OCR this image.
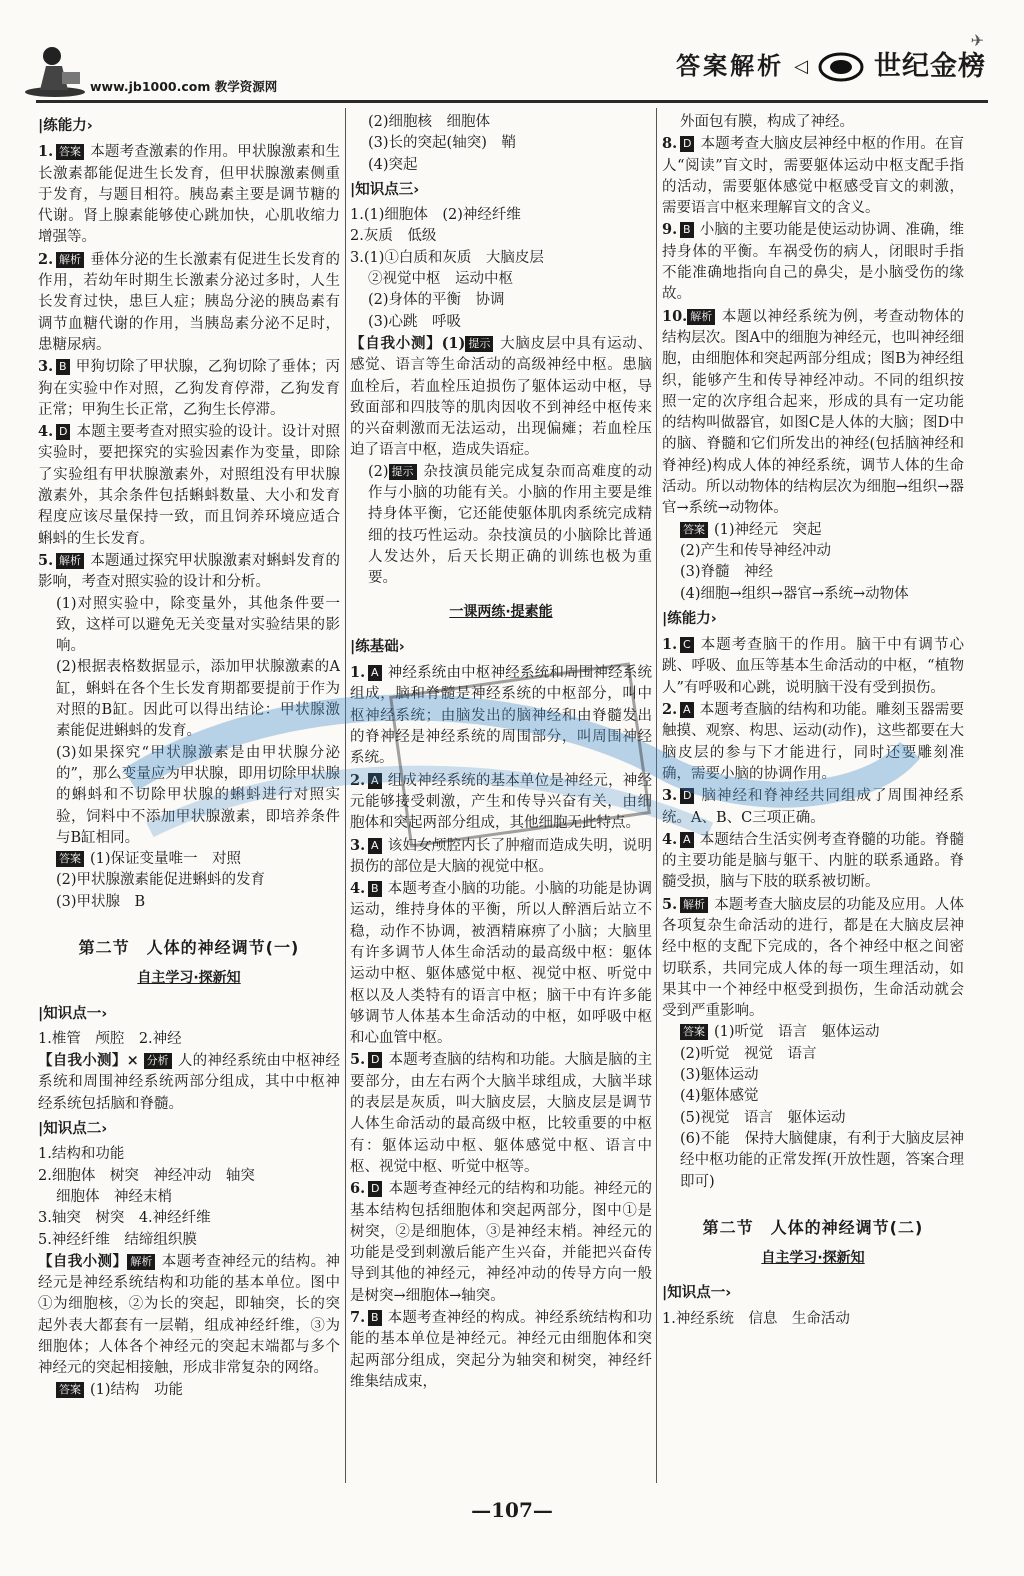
www.jb1000.com 教学资源网
✈
答案解析 ◁ 世纪金榜
|练能力›
1. 答案 本题考查激素的作用。甲状腺激素和生长激素都能促进生长发育，但甲状腺激素侧重于发育，与题目相符。胰岛素主要是调节糖的代谢。肾上腺素能够使心跳加快，心肌收缩力增强等。
2. 解析 垂体分泌的生长激素有促进生长发育的作用，若幼年时期生长激素分泌过多时，人生长发育过快，患巨人症；胰岛分泌的胰岛素有调节血糖代谢的作用，当胰岛素分泌不足时，患糖尿病。
3. B 甲狗切除了甲状腺，乙狗切除了垂体；丙狗在实验中作对照，乙狗发育停滞，乙狗发育正常；甲狗生长正常，乙狗生长停滞。
4. D 本题主要考查对照实验的设计。设计对照实验时，要把探究的实验因素作为变量，即除了实验组有甲状腺激素外，对照组没有甲状腺激素外，其余条件包括蝌蚪数量、大小和发育程度应该尽量保持一致，而且饲养环境应适合蝌蚪的生长发育。
5. 解析 本题通过探究甲状腺激素对蝌蚪发育的影响，考查对照实验的设计和分析。
(1)对照实验中，除变量外，其他条件要一致，这样可以避免无关变量对实验结果的影响。
(2)根据表格数据显示，添加甲状腺激素的A缸，蝌蚪在各个生长发育期都要提前于作为对照的B缸。因此可以得出结论：甲状腺激素能促进蝌蚪的发育。
(3)如果探究“甲状腺激素是由甲状腺分泌的”，那么变量应为甲状腺，即用切除甲状腺的蝌蚪和不切除甲状腺的蝌蚪进行对照实验，饲料中不添加甲状腺激素，即培养条件与B缸相同。
答案 (1)保证变量唯一　对照
(2)甲状腺激素能促进蝌蚪的发育
(3)甲状腺　B
第二节　人体的神经调节(一)
自主学习·探新知
|知识点一›
1.椎管　颅腔　2.神经
【自我小测】× 分析 人的神经系统由中枢神经系统和周围神经系统两部分组成，其中中枢神经系统包括脑和脊髓。
|知识点二›
1.结构和功能
2.细胞体　树突　神经冲动　轴突
细胞体　神经末梢
3.轴突　树突　4.神经纤维
5.神经纤维　结缔组织膜
【自我小测】 解析 本题考查神经元的结构。神经元是神经系统结构和功能的基本单位。图中①为细胞核，②为长的突起，即轴突，长的突起外表大都套有一层鞘，组成神经纤维，③为细胞体；人体各个神经元的突起末端都与多个神经元的突起相接触，形成非常复杂的网络。
答案 (1)结构　功能
(2)细胞核　细胞体
(3)长的突起(轴突)　鞘
(4)突起
|知识点三›
1.(1)细胞体　(2)神经纤维
2.灰质　低级
3.(1)①白质和灰质　大脑皮层
②视觉中枢　运动中枢
(2)身体的平衡　协调
(3)心跳　呼吸
【自我小测】(1) 提示 大脑皮层中具有运动、感觉、语言等生命活动的高级神经中枢。患脑血栓后，若血栓压迫损伤了躯体运动中枢，导致面部和四肢等的肌肉因收不到神经中枢传来的兴奋刺激而无法运动，出现偏瘫；若血栓压迫了语言中枢，造成失语症。
(2) 提示 杂技演员能完成复杂而高难度的动作与小脑的功能有关。小脑的作用主要是维持身体平衡，它还能使躯体肌肉系统完成精细的技巧性运动。杂技演员的小脑除比普通人发达外，后天长期正确的训练也极为重要。
一课两练·提素能
|练基础›
1. A 神经系统由中枢神经系统和周围神经系统组成，脑和脊髓是神经系统的中枢部分，叫中枢神经系统；由脑发出的脑神经和由脊髓发出的脊神经是神经系统的周围部分，叫周围神经系统。
2. A 组成神经系统的基本单位是神经元，神经元能够接受刺激，产生和传导兴奋有关，由细胞体和突起两部分组成，其他细胞无此特点。
3. A 该妇女颅腔内长了肿瘤而造成失明，说明损伤的部位是大脑的视觉中枢。
4. B 本题考查小脑的功能。小脑的功能是协调运动，维持身体的平衡，所以人醉酒后站立不稳，动作不协调，被酒精麻痹了小脑；大脑里有许多调节人体生命活动的最高级中枢：躯体运动中枢、躯体感觉中枢、视觉中枢、听觉中枢以及人类特有的语言中枢；脑干中有许多能够调节人体基本生命活动的中枢，如呼吸中枢和心血管中枢。
5. D 本题考查脑的结构和功能。大脑是脑的主要部分，由左右两个大脑半球组成，大脑半球的表层是灰质，叫大脑皮层，大脑皮层是调节人体生命活动的最高级中枢，比较重要的中枢有：躯体运动中枢、躯体感觉中枢、语言中枢、视觉中枢、听觉中枢等。
6. D 本题考查神经元的结构和功能。神经元的基本结构包括细胞体和突起两部分，图中①是树突，②是细胞体，③是神经末梢。神经元的功能是受到刺激后能产生兴奋，并能把兴奋传导到其他的神经元，神经冲动的传导方向一般是树突→细胞体→轴突。
7. B 本题考查神经的构成。神经系统结构和功能的基本单位是神经元。神经元由细胞体和突起两部分组成，突起分为轴突和树突，神经纤维集结成束，
外面包有膜，构成了神经。
8. D 本题考查大脑皮层神经中枢的作用。在盲人“阅读”盲文时，需要躯体运动中枢支配手指的活动，需要躯体感觉中枢感受盲文的刺激，需要语言中枢来理解盲文的含义。
9. B 小脑的主要功能是使运动协调、准确，维持身体的平衡。车祸受伤的病人，闭眼时手指不能准确地指向自己的鼻尖，是小脑受伤的缘故。
10. 解析 本题以神经系统为例，考查动物体的结构层次。图A中的细胞为神经元，也叫神经细胞，由细胞体和突起两部分组成；图B为神经组织，能够产生和传导神经冲动。不同的组织按照一定的次序组合起来，形成的具有一定功能的结构叫做器官，如图C是人体的大脑；图D中的脑、脊髓和它们所发出的神经(包括脑神经和脊神经)构成人体的神经系统，调节人体的生命活动。所以动物体的结构层次为细胞→组织→器官→系统→动物体。
答案 (1)神经元　突起
(2)产生和传导神经冲动
(3)脊髓　神经
(4)细胞→组织→器官→系统→动物体
|练能力›
1. C 本题考查脑干的作用。脑干中有调节心跳、呼吸、血压等基本生命活动的中枢，“植物人”有呼吸和心跳，说明脑干没有受到损伤。
2. A 本题考查脑的结构和功能。雕刻玉器需要触摸、观察、构思、运动(动作)，这些都要在大脑皮层的参与下才能进行，同时还要雕刻准确，需要小脑的协调作用。
3. D 脑神经和脊神经共同组成了周围神经系统。A、B、C三项正确。
4. A 本题结合生活实例考查脊髓的功能。脊髓的主要功能是脑与躯干、内脏的联系通路。脊髓受损，脑与下肢的联系被切断。
5. 解析 本题考查大脑皮层的功能及应用。人体各项复杂生命活动的进行，都是在大脑皮层神经中枢的支配下完成的，各个神经中枢之间密切联系，共同完成人体的每一项生理活动，如果其中一个神经中枢受到损伤，生命活动就会受到严重影响。
答案 (1)听觉　语言　躯体运动
(2)听觉　视觉　语言
(3)躯体运动
(4)躯体感觉
(5)视觉　语言　躯体运动
(6)不能　保持大脑健康，有利于大脑皮层神经中枢功能的正常发挥(开放性题，答案合理即可)
第二节　人体的神经调节(二)
自主学习·探新知
|知识点一›
1.神经系统　信息　生命活动
—107—
